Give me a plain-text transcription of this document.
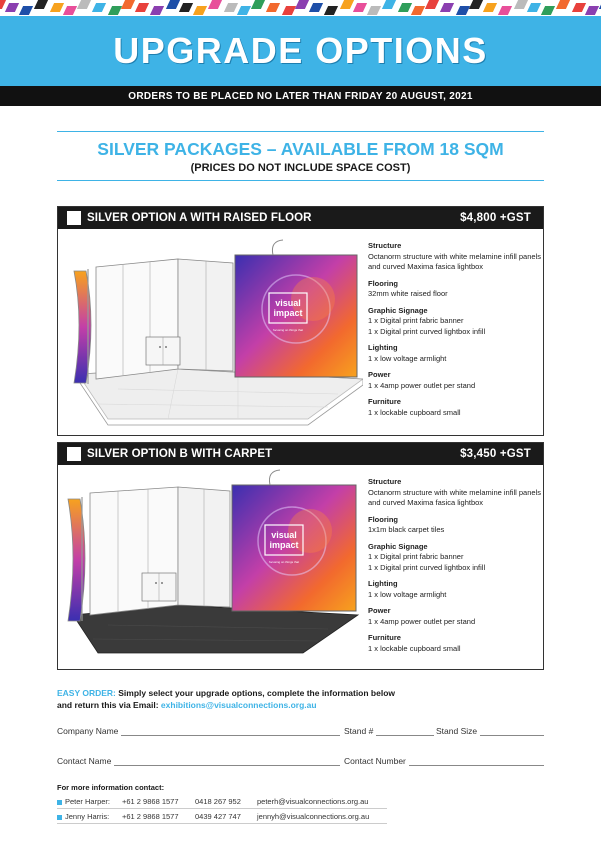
UPGRADE OPTIONS
ORDERS TO BE PLACED NO LATER THAN FRIDAY 20 AUGUST, 2021
SILVER PACKAGES – AVAILABLE FROM 18 SQM
(PRICES DO NOT INCLUDE SPACE COST)
SILVER OPTION A WITH RAISED FLOOR	$4,800 +GST
visual
impact
focusing on things that
Structure
Octanorm structure with white melamine infill panels and curved Maxima fasica lightbox
Flooring
32mm white raised floor
Graphic Signage
1 x Digital print fabric banner
1 x Digital print curved lightbox infill
Lighting
1 x low voltage armlight
Power
1 x 4amp power outlet per stand
Furniture
1 x lockable cupboard small
SILVER OPTION B WITH CARPET	$3,450 +GST
visual
impact
focusing on things that
Structure
Octanorm structure with white melamine infill panels and curved Maxima fasica lightbox
Flooring
1x1m black carpet tiles
Graphic Signage
1 x Digital print fabric banner
1 x Digital print curved lightbox infill
Lighting
1 x low voltage armlight
Power
1 x 4amp power outlet per stand
Furniture
1 x lockable cupboard small
EASY ORDER: Simply select your upgrade options, complete the information below
and return this via Email: exhibitions@visualconnections.org.au
Company Name	Stand #	Stand Size
Contact Name	Contact Number
For more information contact:
Peter Harper: +61 2 9868 1577 0418 267 952 peterh@visualconnections.org.au
Jenny Harris: +61 2 9868 1577 0439 427 747 jennyh@visualconnections.org.au
